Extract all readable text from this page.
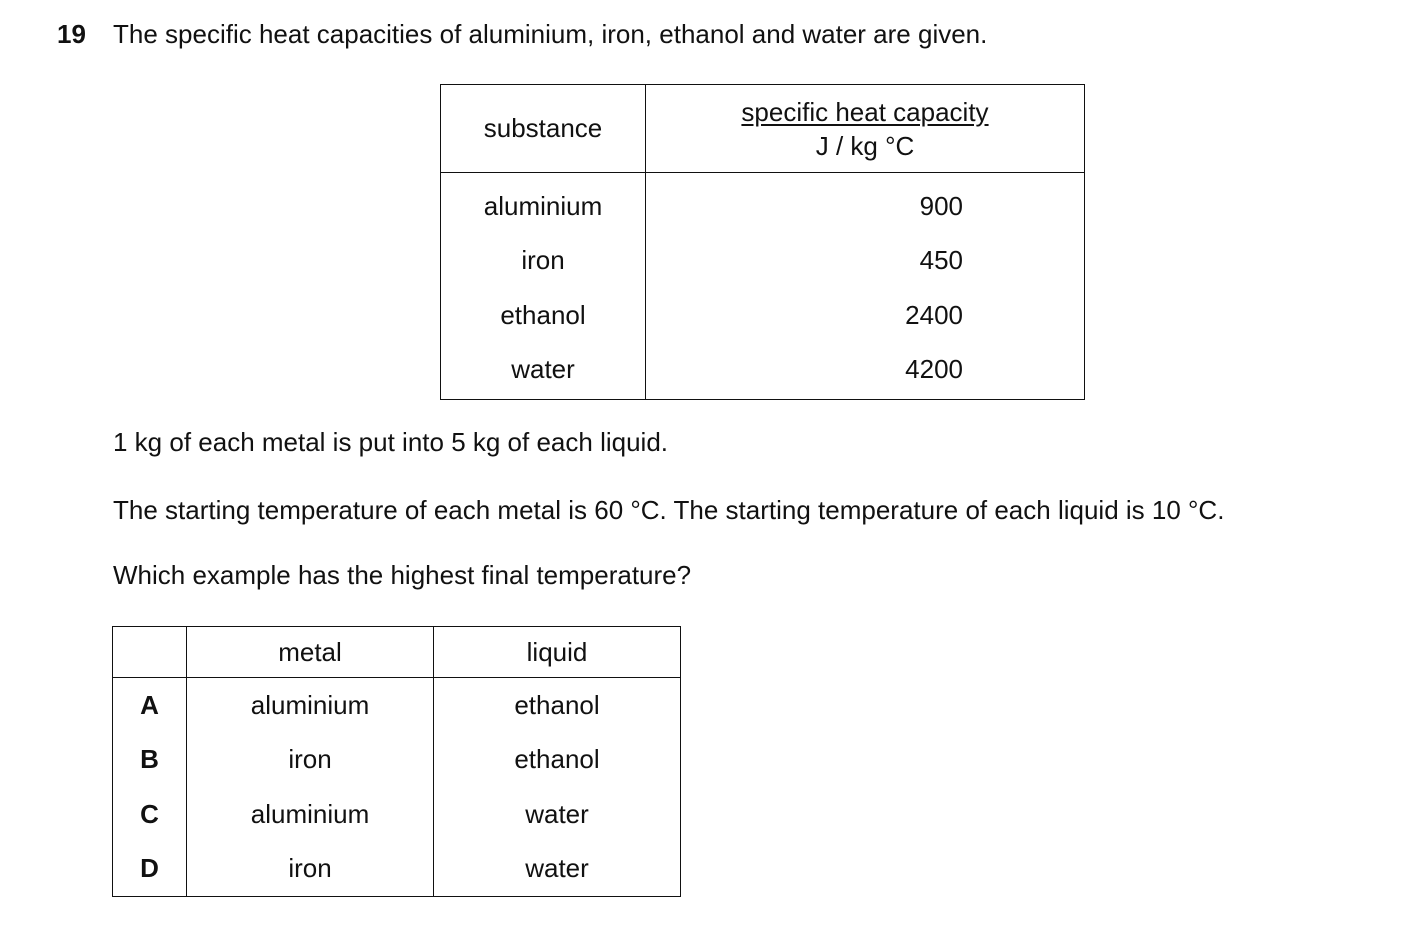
19 The specific heat capacities of aluminium, iron, ethanol and water are given.
substance	specific heat capacity
J / kg °C

aluminium	900
iron	450
ethanol	2400
water	4200
1 kg of each metal is put into 5 kg of each liquid.
The starting temperature of each metal is 60 °C. The starting temperature of each liquid is 10 °C.
Which example has the highest final temperature?
	metal	liquid
A	aluminium	ethanol
B	iron	ethanol
C	aluminium	water
D	iron	water
